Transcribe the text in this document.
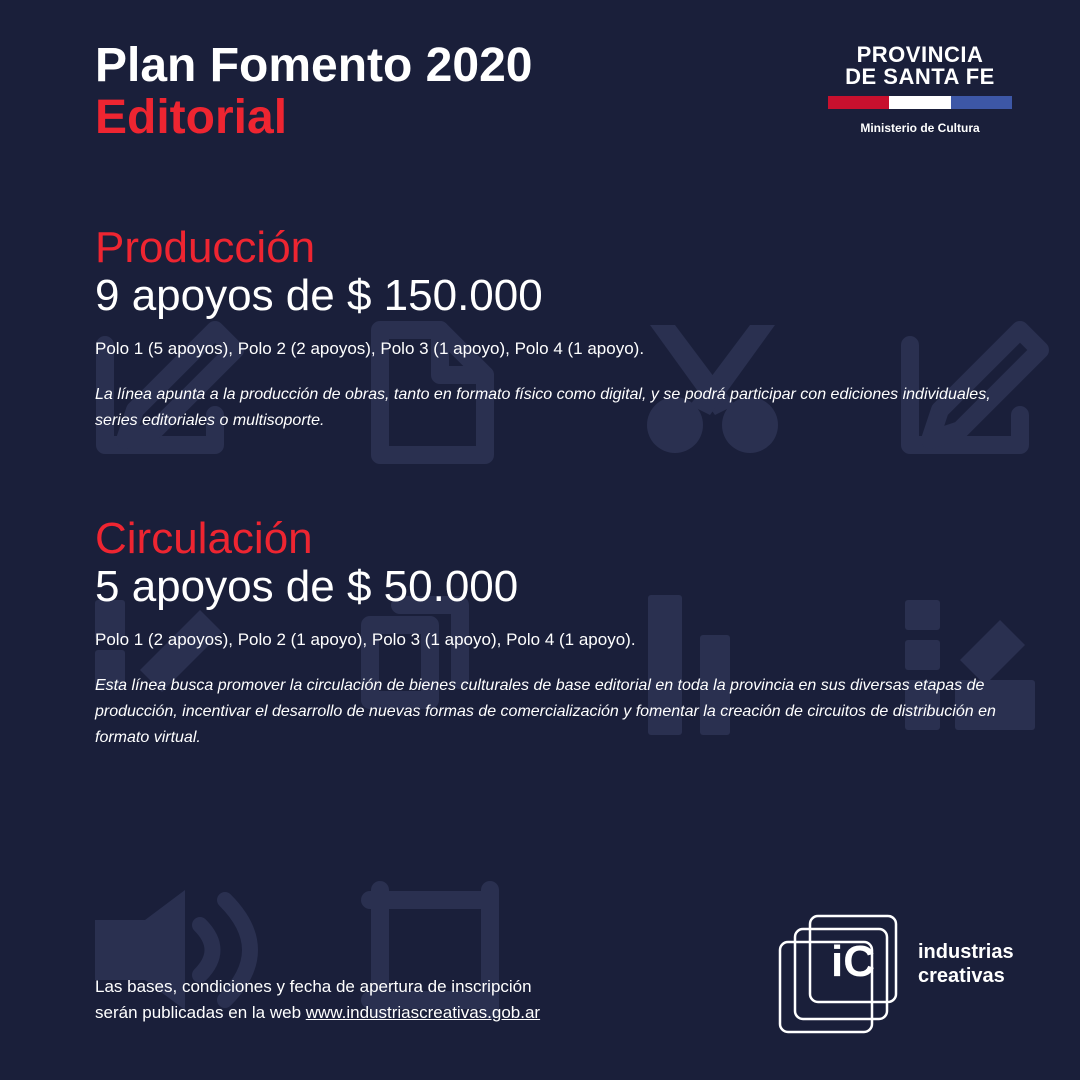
Plan Fomento 2020
Editorial
PROVINCIA
DE SANTA FE
Ministerio de Cultura
Producción
9 apoyos de $ 150.000
Polo 1 (5 apoyos), Polo 2 (2 apoyos), Polo 3 (1 apoyo), Polo 4 (1 apoyo).
La línea apunta a la producción de obras, tanto en formato físico como digital, y se podrá participar con ediciones individuales, series editoriales o multisoporte.
Circulación
5 apoyos de $ 50.000
Polo 1 (2 apoyos), Polo 2 (1 apoyo), Polo 3 (1 apoyo), Polo 4 (1 apoyo).
Esta línea busca promover la circulación de bienes culturales de base editorial en toda la provincia en sus diversas etapas de producción, incentivar el desarrollo de nuevas formas de comercialización y fomentar la creación de circuitos de distribución en formato virtual.
Las bases, condiciones y fecha de apertura de inscripción
serán publicadas en la web www.industriascreativas.gob.ar
iC industrias
creativas
